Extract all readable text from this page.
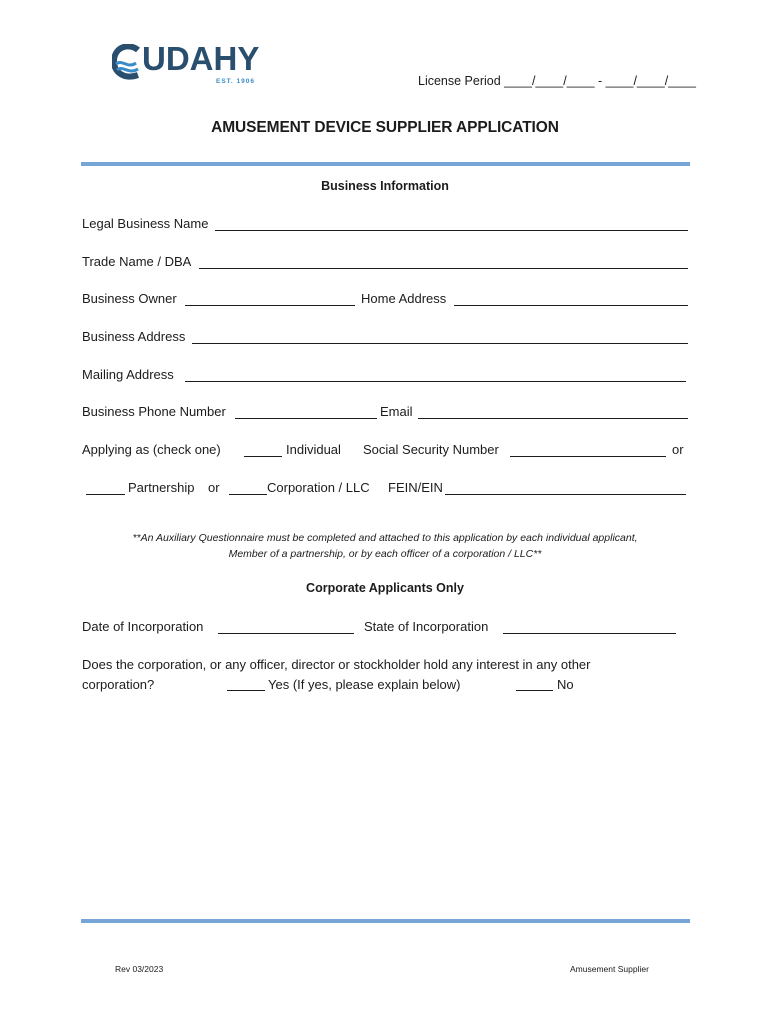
UDAHY
EST. 1906	License Period ____/____/____ - ____/____/____
AMUSEMENT DEVICE SUPPLIER APPLICATION
Business Information
Legal Business Name
Trade Name / DBA
Business Owner	Home Address
Business Address
Mailing Address
Business Phone Number	Email
Applying as (check one)	Individual Social Security Number	or
Partnership or	Corporation / LLC FEIN/EIN
**An Auxiliary Questionnaire must be completed and attached to this application by each individual applicant,
Member of a partnership, or by each officer of a corporation / LLC**
Corporate Applicants Only
Date of Incorporation	State of Incorporation
Does the corporation, or any officer, director or stockholder hold any interest in any other
corporation?	Yes (If yes, please explain below)	No
Rev 03/2023	Amusement Supplier
